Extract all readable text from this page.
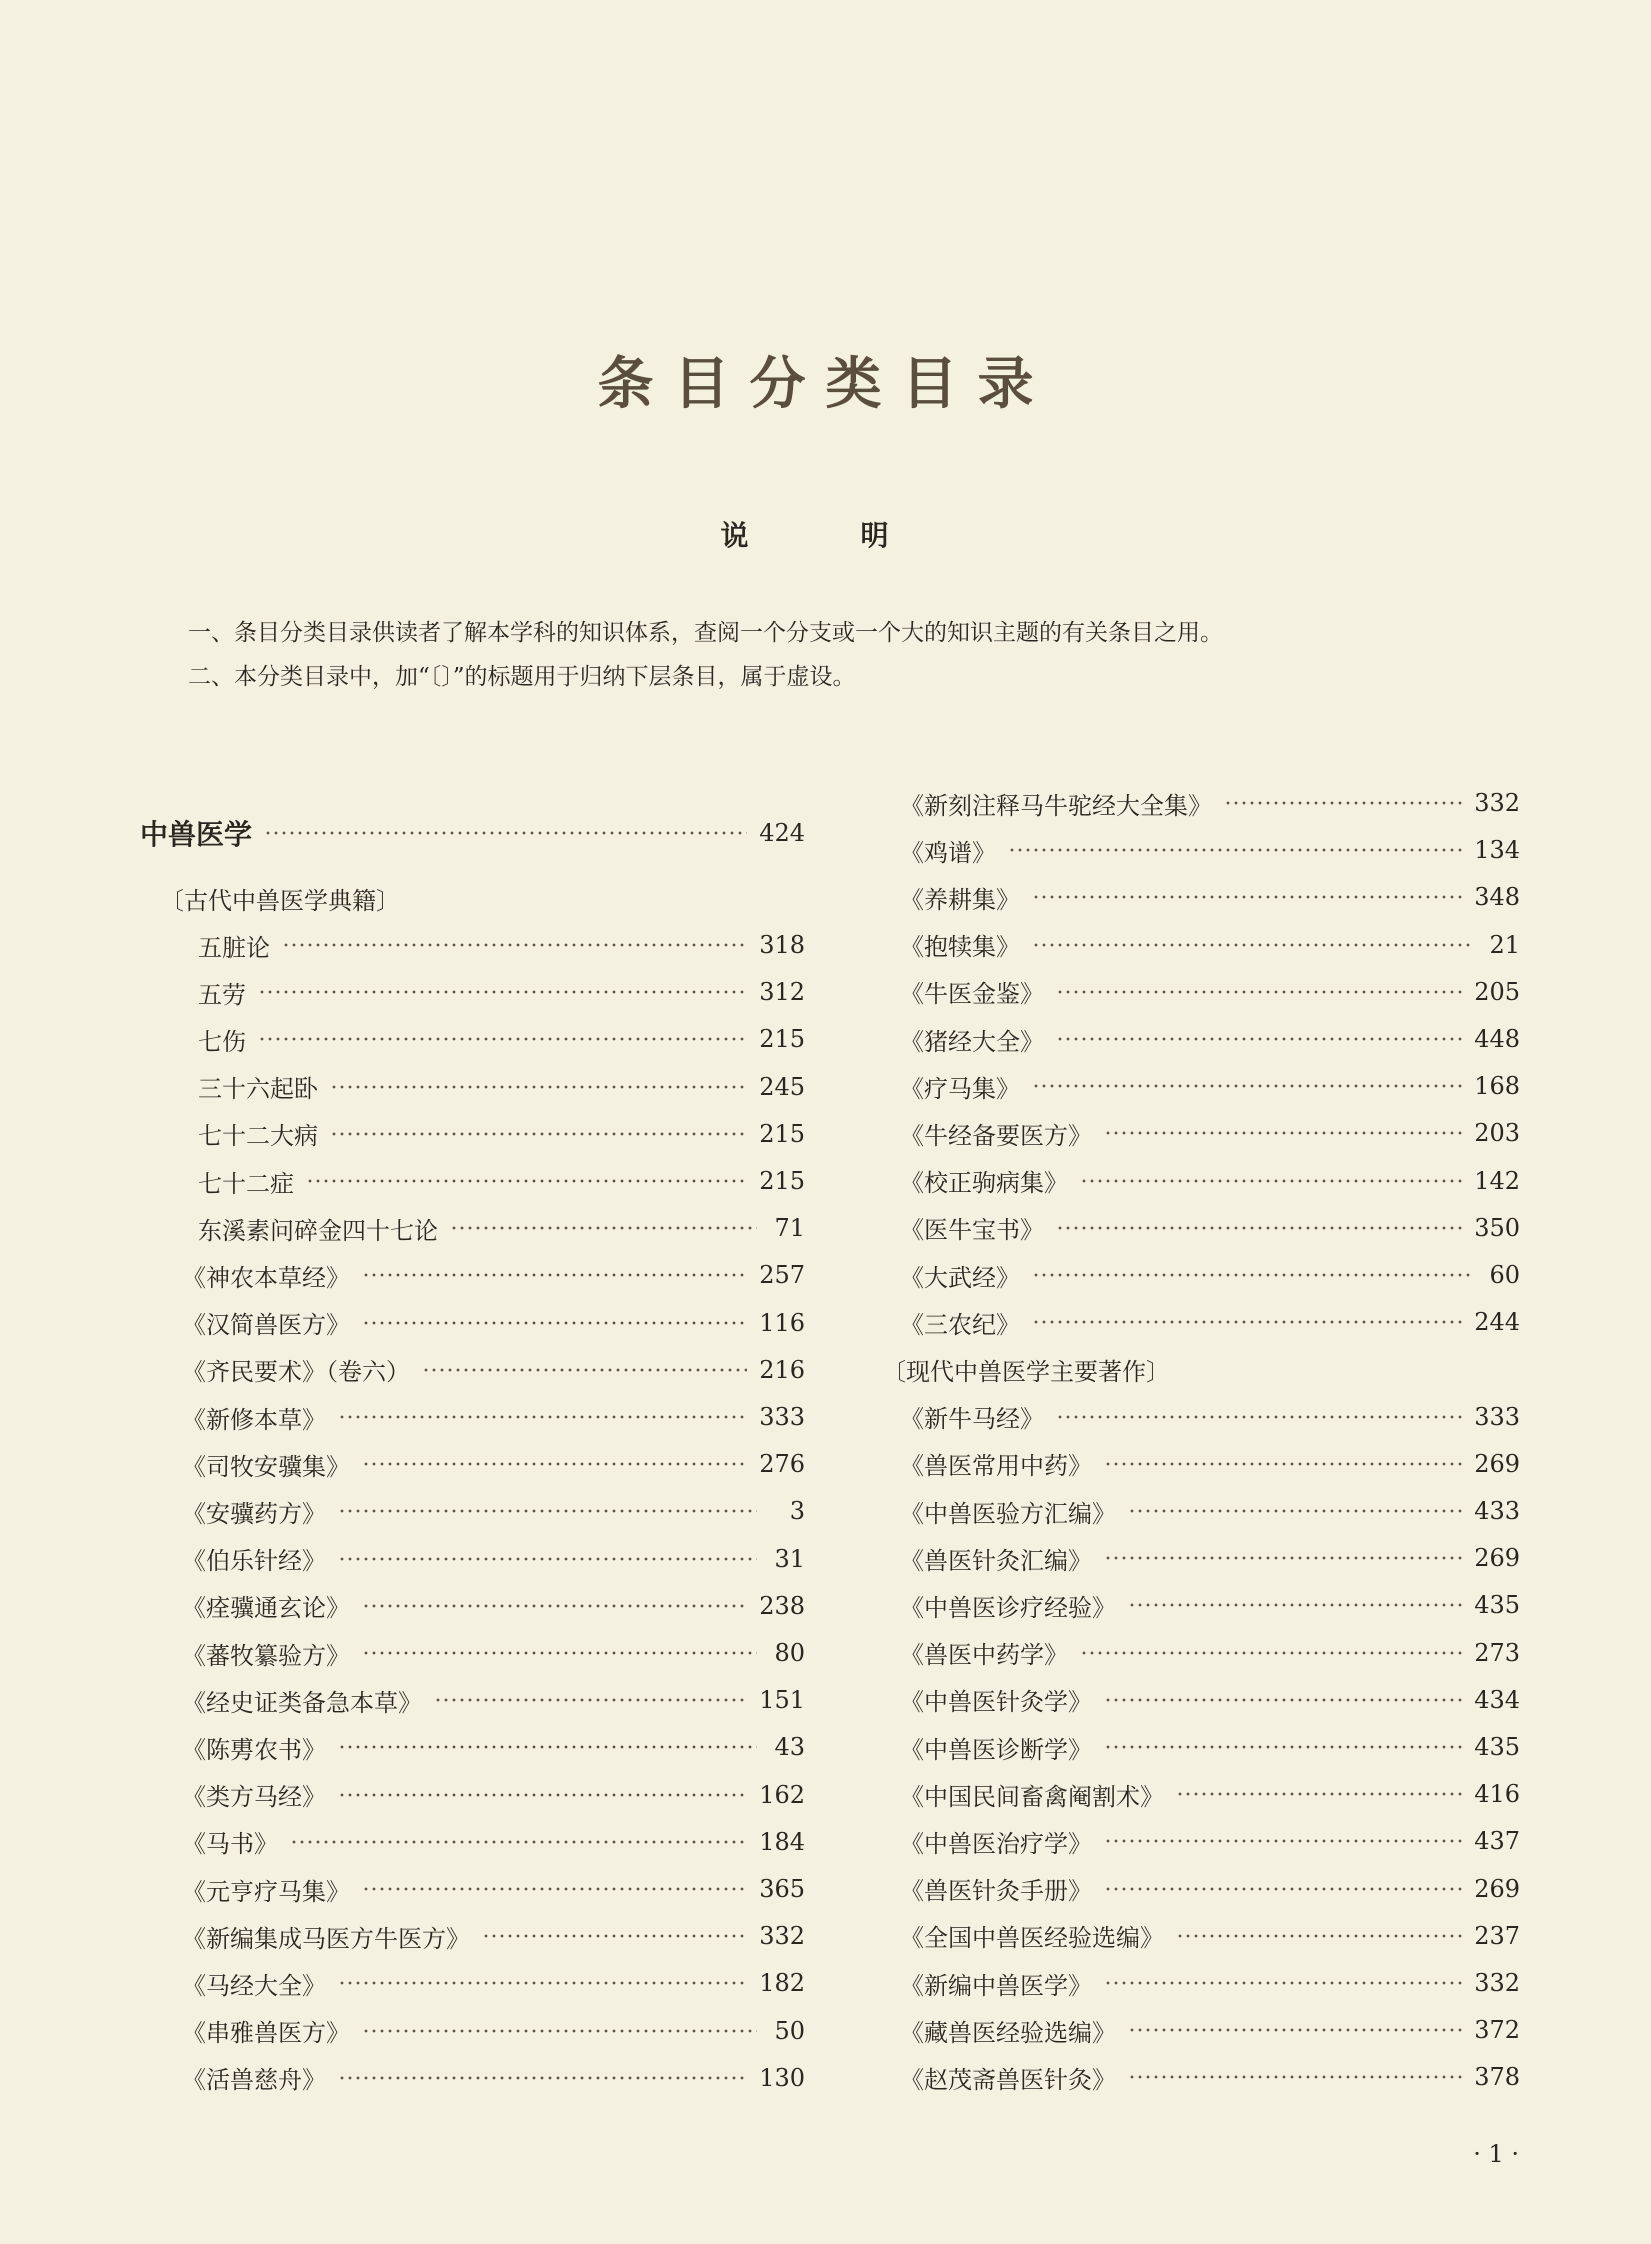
条目分类目录
说　明
一、条目分类目录供读者了解本学科的知识体系，查阅一个分支或一个大的知识主题的有关条目之用。
二、本分类目录中，加“〔〕”的标题用于归纳下层条目，属于虚设。
中兽医学	424
〔古代中兽医学典籍〕
五脏论	318
五劳	312
七伤	215
三十六起卧	245
七十二大病	215
七十二症	215
东溪素问碎金四十七论	71
《神农本草经》	257
《汉简兽医方》	116
《齐民要术》（卷六）	216
《新修本草》	333
《司牧安骥集》	276
《安骥药方》	3
《伯乐针经》	31
《痊骥通玄论》	238
《蕃牧纂验方》	80
《经史证类备急本草》	151
《陈旉农书》	43
《类方马经》	162
《马书》	184
《元亨疗马集》	365
《新编集成马医方牛医方》	332
《马经大全》	182
《串雅兽医方》	50
《活兽慈舟》	130
《新刻注释马牛驼经大全集》	332
《鸡谱》	134
《养耕集》	348
《抱犊集》	21
《牛医金鉴》	205
《猪经大全》	448
《疗马集》	168
《牛经备要医方》	203
《校正驹病集》	142
《医牛宝书》	350
《大武经》	60
《三农纪》	244
〔现代中兽医学主要著作〕
《新牛马经》	333
《兽医常用中药》	269
《中兽医验方汇编》	433
《兽医针灸汇编》	269
《中兽医诊疗经验》	435
《兽医中药学》	273
《中兽医针灸学》	434
《中兽医诊断学》	435
《中国民间畜禽阉割术》	416
《中兽医治疗学》	437
《兽医针灸手册》	269
《全国中兽医经验选编》	237
《新编中兽医学》	332
《藏兽医经验选编》	372
《赵茂斋兽医针灸》	378
· 1 ·
